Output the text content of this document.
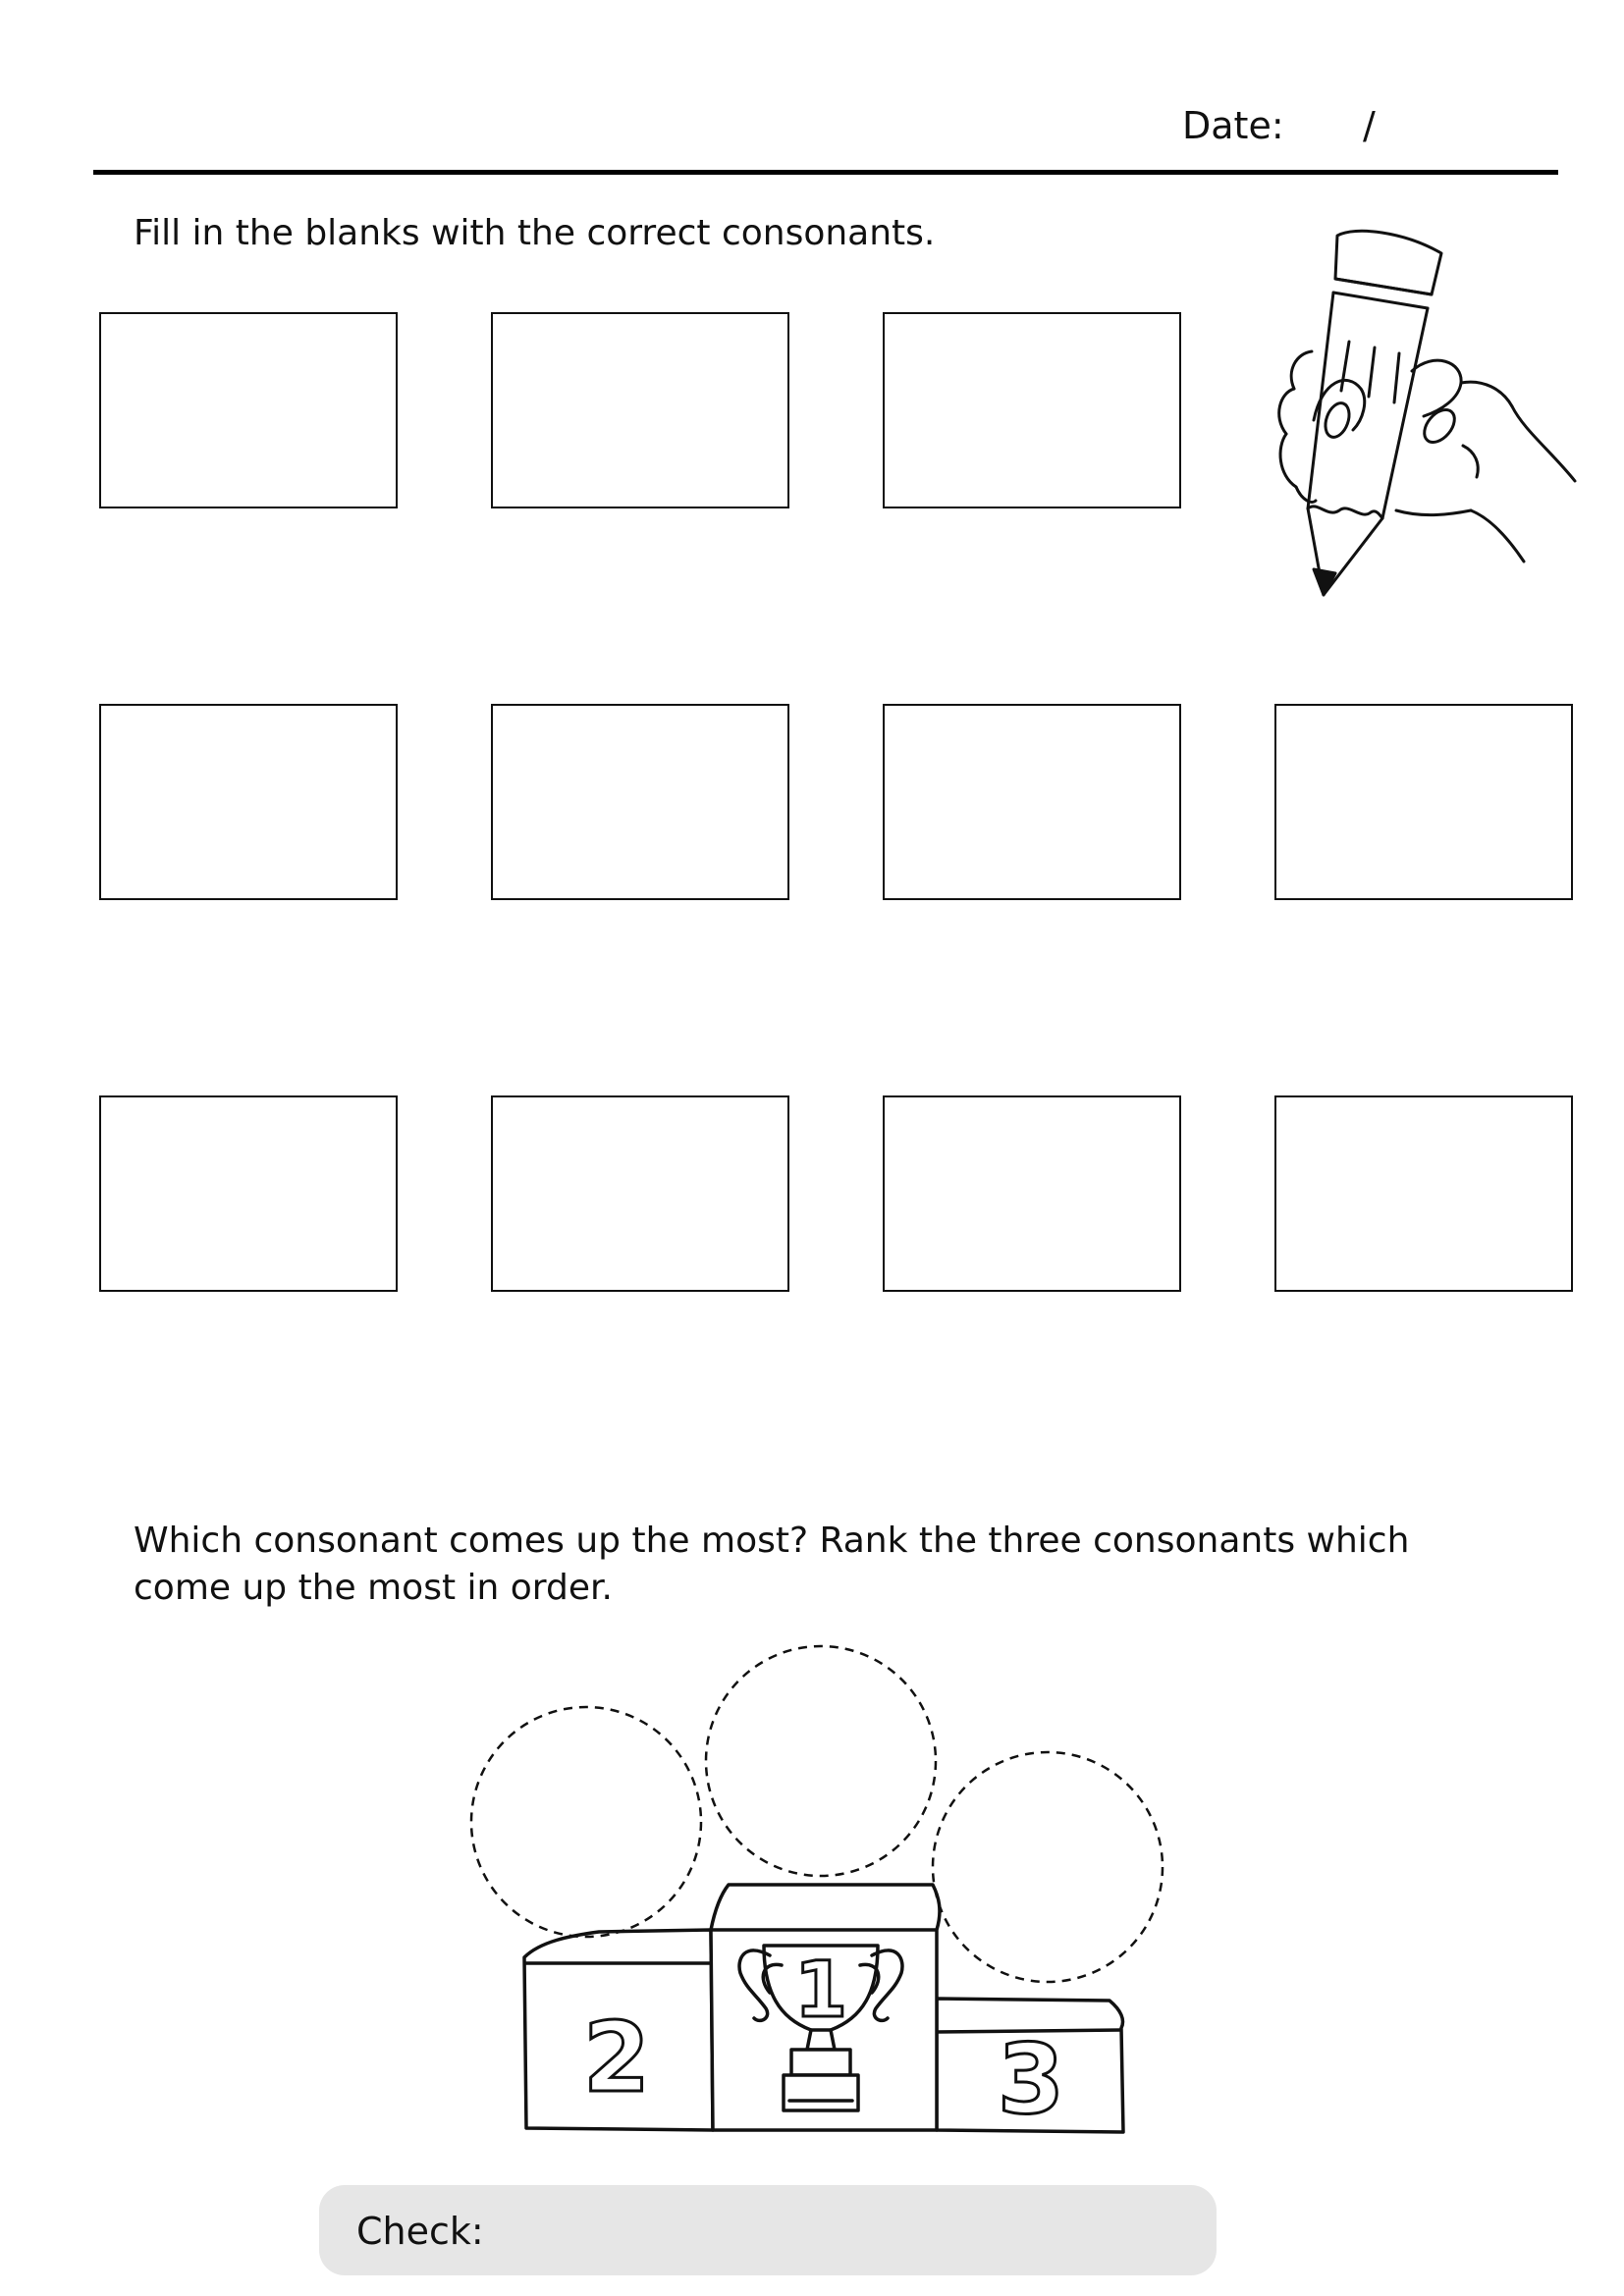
Date: /
Fill in the blanks with the correct consonants.
Which consonant comes up the most? Rank the three consonants which come up the most in order.
1
2	3
Check:
